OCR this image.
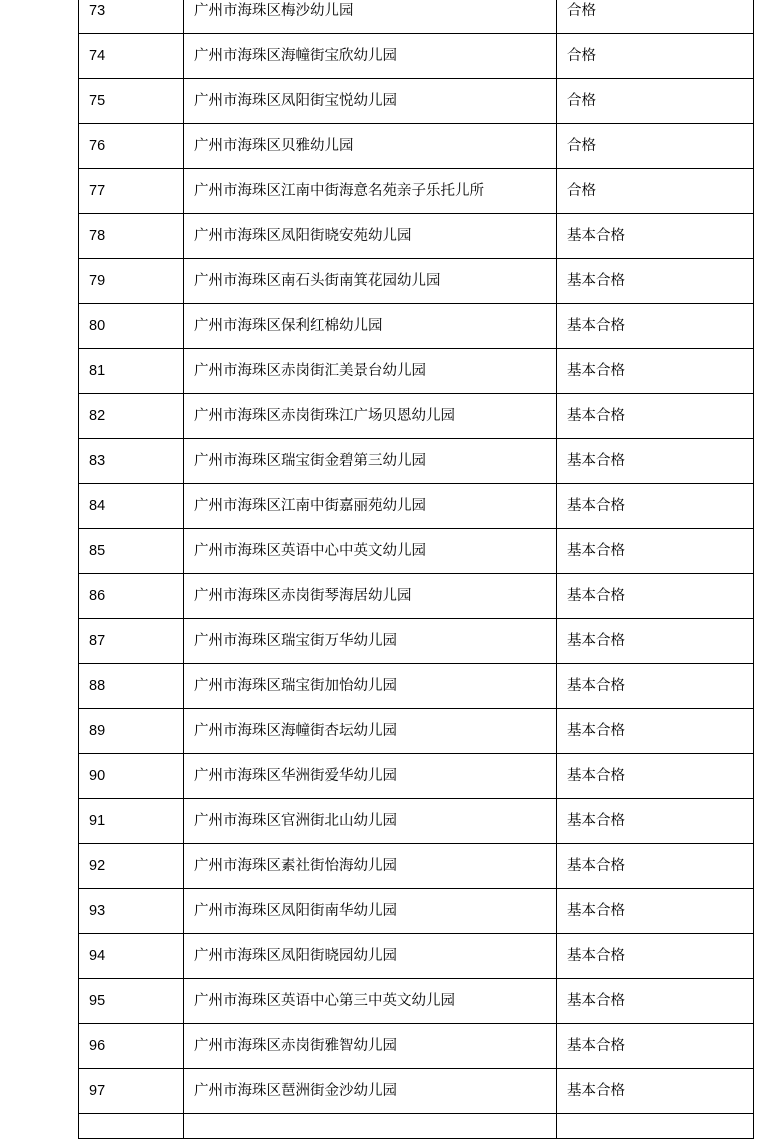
73	广州市海珠区梅沙幼儿园	合格
74	广州市海珠区海幢街宝欣幼儿园	合格
75	广州市海珠区凤阳街宝悦幼儿园	合格
76	广州市海珠区贝雅幼儿园	合格
77	广州市海珠区江南中街海意名苑亲子乐托儿所	合格
78	广州市海珠区凤阳街晓安苑幼儿园	基本合格
79	广州市海珠区南石头街南箕花园幼儿园	基本合格
80	广州市海珠区保利红棉幼儿园	基本合格
81	广州市海珠区赤岗街汇美景台幼儿园	基本合格
82	广州市海珠区赤岗街珠江广场贝恩幼儿园	基本合格
83	广州市海珠区瑞宝街金碧第三幼儿园	基本合格
84	广州市海珠区江南中街嘉丽苑幼儿园	基本合格
85	广州市海珠区英语中心中英文幼儿园	基本合格
86	广州市海珠区赤岗街琴海居幼儿园	基本合格
87	广州市海珠区瑞宝街万华幼儿园	基本合格
88	广州市海珠区瑞宝街加怡幼儿园	基本合格
89	广州市海珠区海幢街杏坛幼儿园	基本合格
90	广州市海珠区华洲街爱华幼儿园	基本合格
91	广州市海珠区官洲街北山幼儿园	基本合格
92	广州市海珠区素社街怡海幼儿园	基本合格
93	广州市海珠区凤阳街南华幼儿园	基本合格
94	广州市海珠区凤阳街晓园幼儿园	基本合格
95	广州市海珠区英语中心第三中英文幼儿园	基本合格
96	广州市海珠区赤岗街雅智幼儿园	基本合格
97	广州市海珠区琶洲街金沙幼儿园	基本合格
